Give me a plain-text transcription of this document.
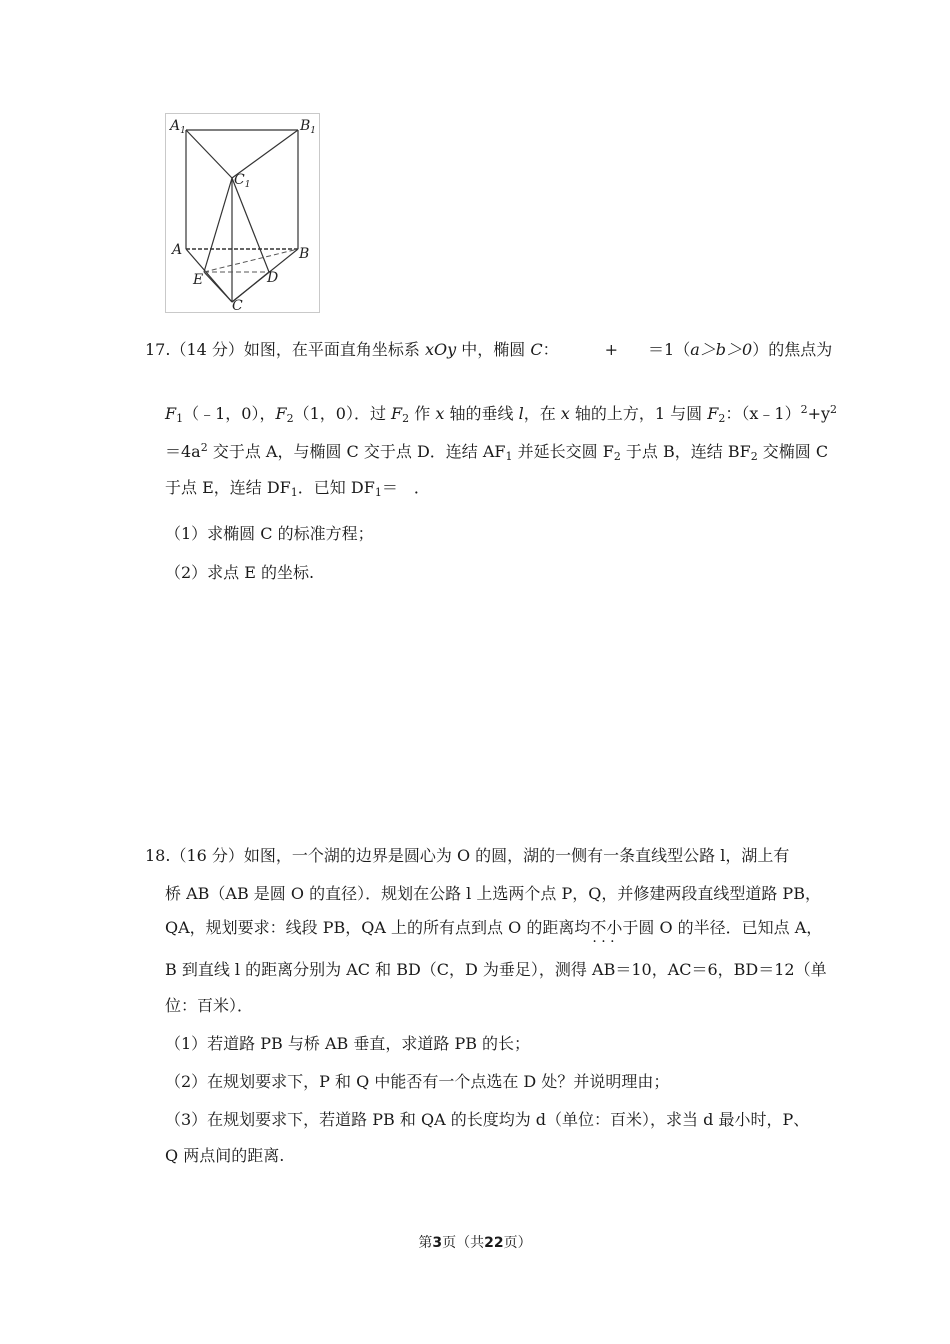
$A_1$	$B_1$
$C_1$
A	B
E	D
C
17.（14 分）如图，在平面直角坐标系 xOy 中，椭圆 C：	+ ＝1（a＞b＞0）的焦点为
$F_1(﹣1$，0），$F_2(1$，0）．过 $F_2$ 作 x 轴的垂线 l，在 x 轴的上方，1 与圆 $F_2$：$(x﹣1)^2+y^2$
$=4a^2$ 交于点 A，与椭圆 C 交于点 D．连结 $AF_1$ 并延长交圆 $F_2$ 于点 B，连结 $BF_2$ 交椭圆 C
于点 E，连结 $DF_1$．已知 $DF_1=$　．
（1）求椭圆 C 的标准方程；
（2）求点 E 的坐标.
18.（16 分）如图，一个湖的边界是圆心为 O 的圆，湖的一侧有一条直线型公路 l，湖上有
桥 AB（AB 是圆 O 的直径）．规划在公路 l 上选两个点 P，Q，并修建两段直线型道路 PB，
QA，规划要求：线段 PB，QA 上的所有点到点 O 的距离均不小于 · ·圆 O 的半径．已知点 A，
B 到直线 l 的距离分别为 AC 和 BD（C，D 为垂足），测得 AB＝10，AC＝6，BD＝12（单
位：百米）．
（1）若道路 PB 与桥 AB 垂直，求道路 PB 的长；
（2）在规划要求下，P 和 Q 中能否有一个点选在 D 处？并说明理由；
（3）在规划要求下，若道路 PB 和 QA 的长度均为 d（单位：百米），求当 d 最小时，P、
Q 两点间的距离.
第3页（共22页）
